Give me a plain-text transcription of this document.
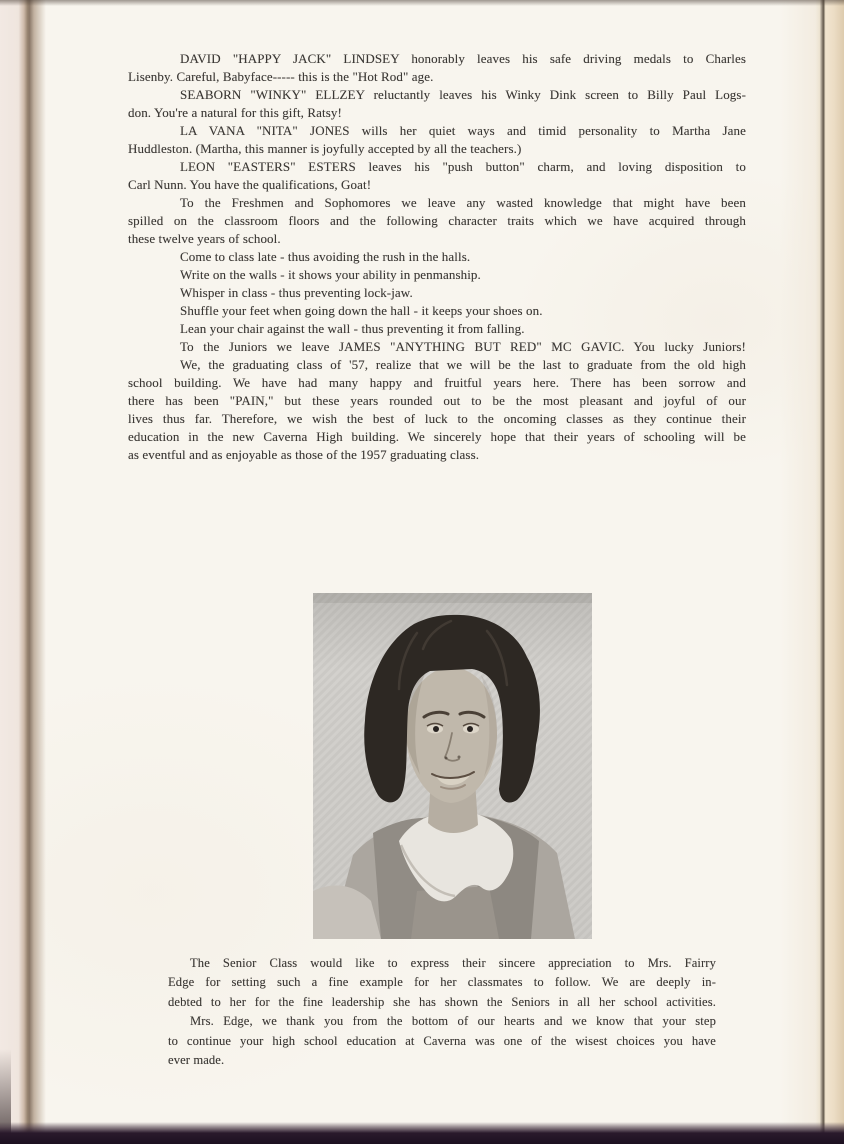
DAVID "HAPPY JACK" LINDSEY honorably leaves his safe driving medals to Charles
Lisenby. Careful, Babyface----- this is the "Hot Rod" age.
SEABORN "WINKY" ELLZEY reluctantly leaves his Winky Dink screen to Billy Paul Logs-
don. You're a natural for this gift, Ratsy!
LA VANA "NITA" JONES wills her quiet ways and timid personality to Martha Jane
Huddleston. (Martha, this manner is joyfully accepted by all the teachers.)
LEON "EASTERS" ESTERS leaves his "push button" charm, and loving disposition to
Carl Nunn. You have the qualifications, Goat!
To the Freshmen and Sophomores we leave any wasted knowledge that might have been
spilled on the classroom floors and the following character traits which we have acquired through
these twelve years of school.
Come to class late - thus avoiding the rush in the halls.
Write on the walls - it shows your ability in penmanship.
Whisper in class - thus preventing lock-jaw.
Shuffle your feet when going down the hall - it keeps your shoes on.
Lean your chair against the wall - thus preventing it from falling.
To the Juniors we leave JAMES "ANYTHING BUT RED" MC GAVIC. You lucky Juniors!
We, the graduating class of '57, realize that we will be the last to graduate from the old high
school building. We have had many happy and fruitful years here. There has been sorrow and
there has been "PAIN," but these years rounded out to be the most pleasant and joyful of our
lives thus far. Therefore, we wish the best of luck to the oncoming classes as they continue their
education in the new Caverna High building. We sincerely hope that their years of schooling will be
as eventful and as enjoyable as those of the 1957 graduating class.
The Senior Class would like to express their sincere appreciation to Mrs. Fairry
Edge for setting such a fine example for her classmates to follow. We are deeply in-
debted to her for the fine leadership she has shown the Seniors in all her school activities.
Mrs. Edge, we thank you from the bottom of our hearts and we know that your step
to continue your high school education at Caverna was one of the wisest choices you have
ever made.
